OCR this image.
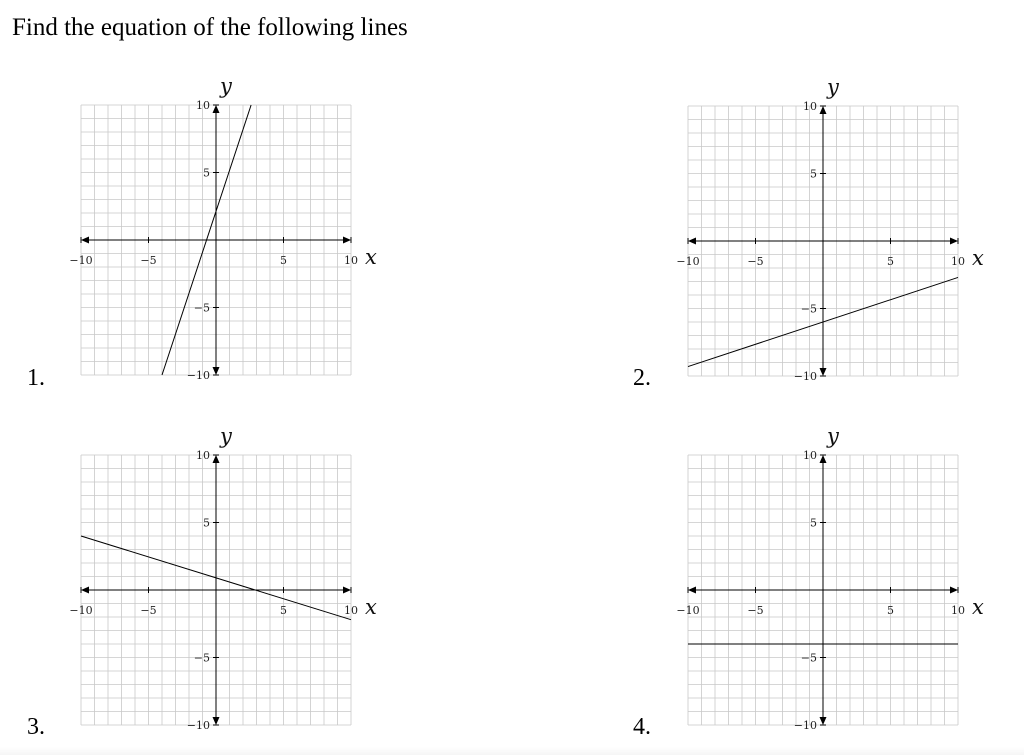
Find the equation of the following lines
1.	2.
3.	4.
−10	−5	5	10
10
5
−5
−10
x
y
−10	−5	5	10
10
5
−5
−10
x
y
−10	−5	5	10
10
5
−5
−10
x
y
−10	−5	5	10
10
5
−5
−10
x
y
